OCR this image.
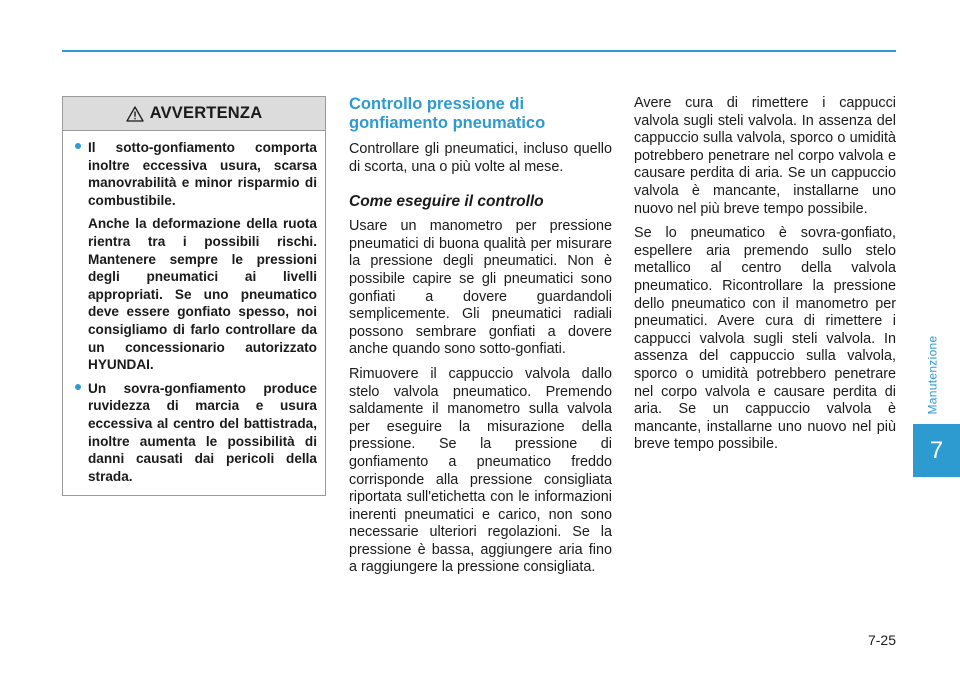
Manutenzione
7
AVVERTENZA

Il sotto-gonfiamento comporta inoltre eccessiva usura, scarsa manovrabilità e minor risparmio di combustibile.

Anche la deformazione della ruota rientra tra i possibili rischi. Mantenere sempre le pressioni degli pneumatici ai livelli appropriati. Se uno pneumatico deve essere gonfiato spesso, noi consigliamo di farlo controllare da un concessionario autorizzato HYUNDAI.

Un sovra-gonfiamento produce ruvidezza di marcia e usura eccessiva al centro del battistrada, inoltre aumenta le possibilità di danni causati dai pericoli della strada.

Controllo pressione di gonfiamento pneumatico

Controllare gli pneumatici, incluso quello di scorta, una o più volte al mese.

Come eseguire il controllo

Usare un manometro per pressione pneumatici di buona qualità per misurare la pressione degli pneumatici. Non è possibile capire se gli pneumatici sono gonfiati a dovere guardandoli semplicemente. Gli pneumatici radiali possono sembrare gonfiati a dovere anche quando sono sotto-gonfiati.

Rimuovere il cappuccio valvola dallo stelo valvola pneumatico. Premendo saldamente il manometro sulla valvola per eseguire la misurazione della pressione. Se la pressione di gonfiamento a pneumatico freddo corrisponde alla pressione consigliata riportata sull'etichetta con le informazioni inerenti pneumatici e carico, non sono necessarie ulteriori regolazioni. Se la pressione è bassa, aggiungere aria fino a raggiungere la pressione consigliata.

Avere cura di rimettere i cappucci valvola sugli steli valvola. In assenza del cappuccio sulla valvola, sporco o umidità potrebbero penetrare nel corpo valvola e causare perdita di aria. Se un cappuccio valvola è mancante, installarne uno nuovo nel più breve tempo possibile.

Se lo pneumatico è sovra-gonfiato, espellere aria premendo sullo stelo metallico al centro della valvola pneumatico. Ricontrollare la pressione dello pneumatico con il manometro per pneumatici. Avere cura di rimettere i cappucci valvola sugli steli valvola. In assenza del cappuccio sulla valvola, sporco o umidità potrebbero penetrare nel corpo valvola e causare perdita di aria. Se un cappuccio valvola è mancante, installarne uno nuovo nel più breve tempo possibile.

7-25
